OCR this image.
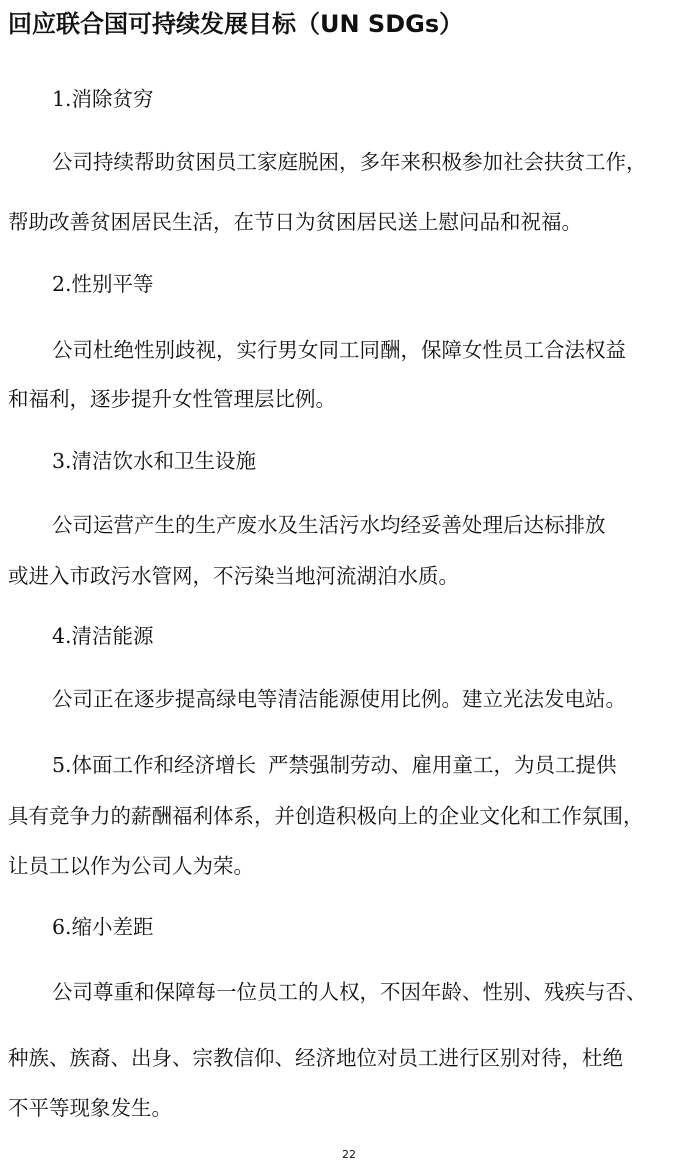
回应联合国可持续发展目标（UN SDGs）
1.消除贫穷
公司持续帮助贫困员工家庭脱困，多年来积极参加社会扶贫工作，
帮助改善贫困居民生活，在节日为贫困居民送上慰问品和祝福。
2.性别平等
公司杜绝性别歧视，实行男女同工同酬，保障女性员工合法权益
和福利，逐步提升女性管理层比例。
3.清洁饮水和卫生设施
公司运营产生的生产废水及生活污水均经妥善处理后达标排放
或进入市政污水管网，不污染当地河流湖泊水质。
4.清洁能源
公司正在逐步提高绿电等清洁能源使用比例。建立光法发电站。
5.体面工作和经济增长 严禁强制劳动、雇用童工，为员工提供
具有竞争力的薪酬福利体系，并创造积极向上的企业文化和工作氛围，
让员工以作为公司人为荣。
6.缩小差距
公司尊重和保障每一位员工的人权，不因年龄、性别、残疾与否、
种族、族裔、出身、宗教信仰、经济地位对员工进行区别对待，杜绝
不平等现象发生。
22
